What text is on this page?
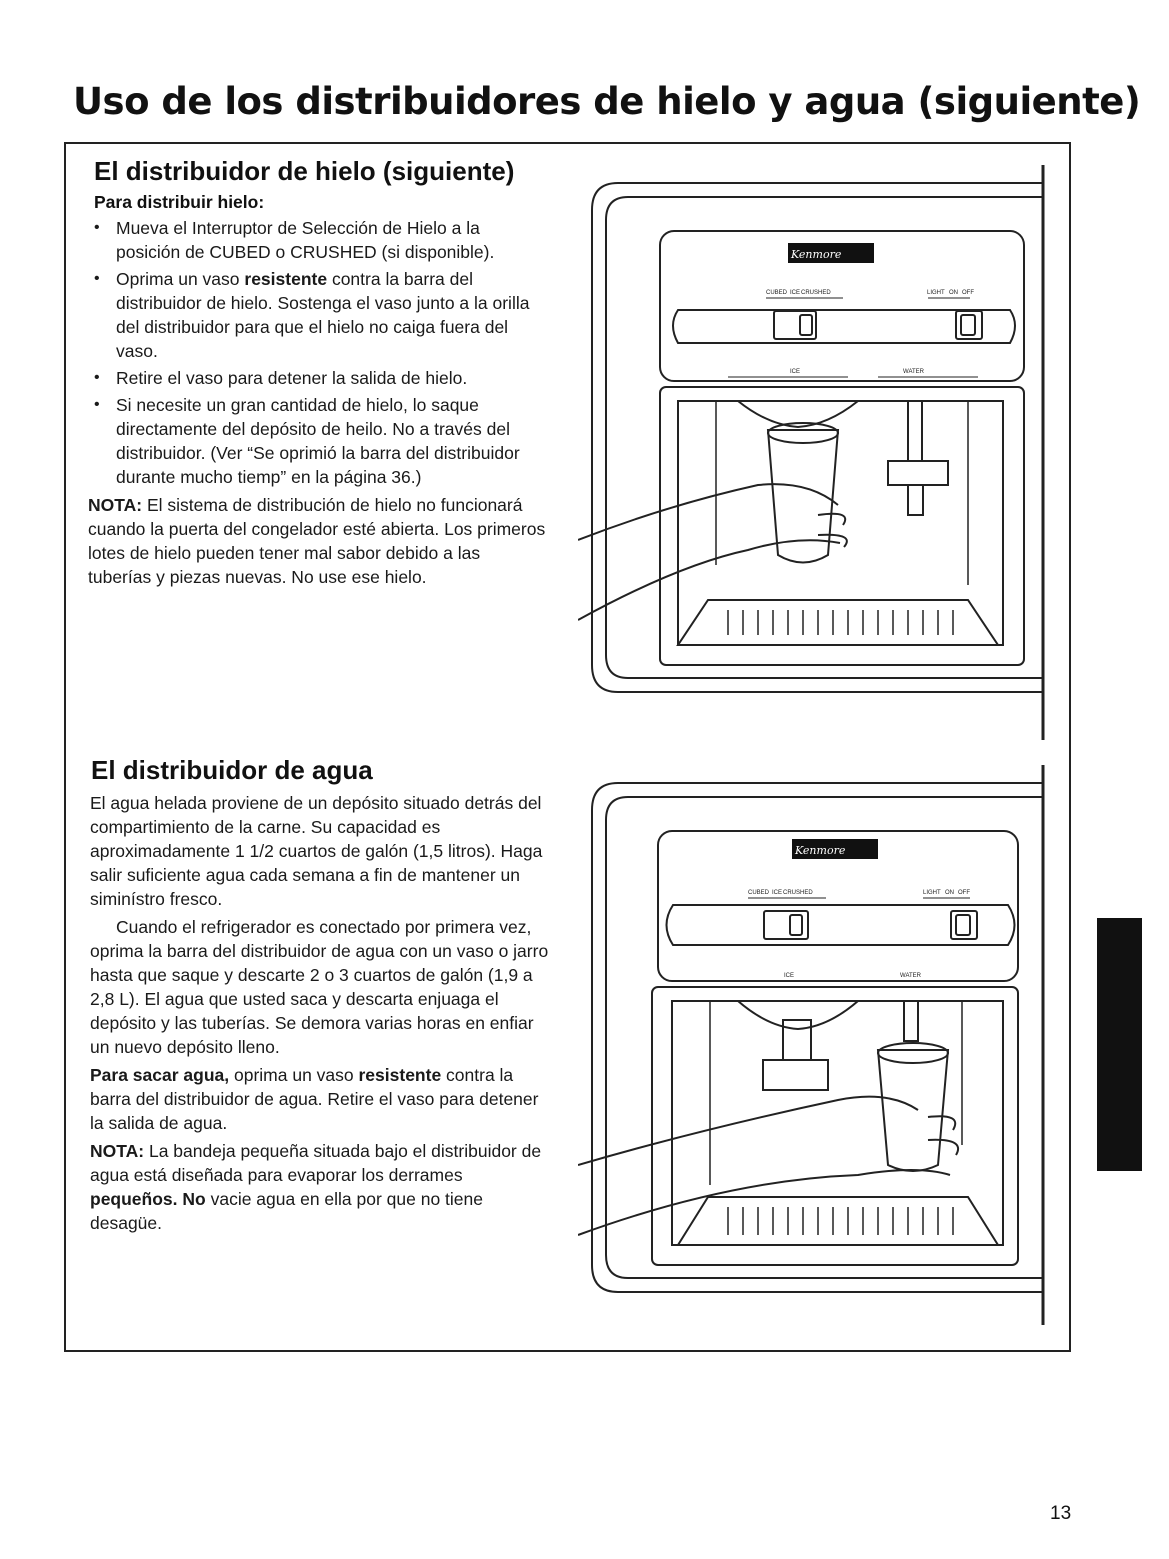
Uso de los distribuidores de hielo y agua (siguiente)
El distribuidor de hielo (siguiente)
Para distribuir hielo:
• Mueva el Interruptor de Selección de Hielo a la posición de CUBED o CRUSHED (si disponible).
• Oprima un vaso resistente contra la barra del distribuidor de hielo. Sostenga el vaso junto a la orilla del distribuidor para que el hielo no caiga fuera del vaso.
• Retire el vaso para detener la salida de hielo.
• Si necesite un gran cantidad de hielo, lo saque directamente del depósito de heilo. No a través del distribuidor. (Ver “Se oprimió la barra del distribuidor durante mucho tiemp” en la página 36.)

NOTA: El sistema de distribución de hielo no funcionará cuando la puerta del congelador esté abierta. Los primeros lotes de hielo pueden tener mal sabor debido a las tuberías y piezas nuevas. No use ese hielo.

Kenmore
CUBED ICE CRUSHED	LIGHT ON OFF
ICE	WATER
El distribuidor de agua

El agua helada proviene de un depósito situado detrás del compartimiento de la carne. Su capacidad es aproximadamente 1 1/2 cuartos de galón (1,5 litros). Haga salir suficiente agua cada semana a fin de mantener un siminístro fresco.

Cuando el refrigerador es conectado por primera vez, oprima la barra del distribuidor de agua con un vaso o jarro hasta que saque y descarte 2 o 3 cuartos de galón (1,9 a 2,8 L). El agua que usted saca y descarta enjuaga el depósito y las tuberías. Se demora varias horas en enfiar un nuevo depósito lleno.

Para sacar agua, oprima un vaso resistente contra la barra del distribuidor de agua. Retire el vaso para detener la salida de agua.

NOTA: La bandeja pequeña situada bajo el distribuidor de agua está diseñada para evaporar los derrames pequeños. No vacie agua en ella por que no tiene desagüe.

Kenmore
CUBED ICE CRUSHED	LIGHT ON OFF
ICE	WATER
13
